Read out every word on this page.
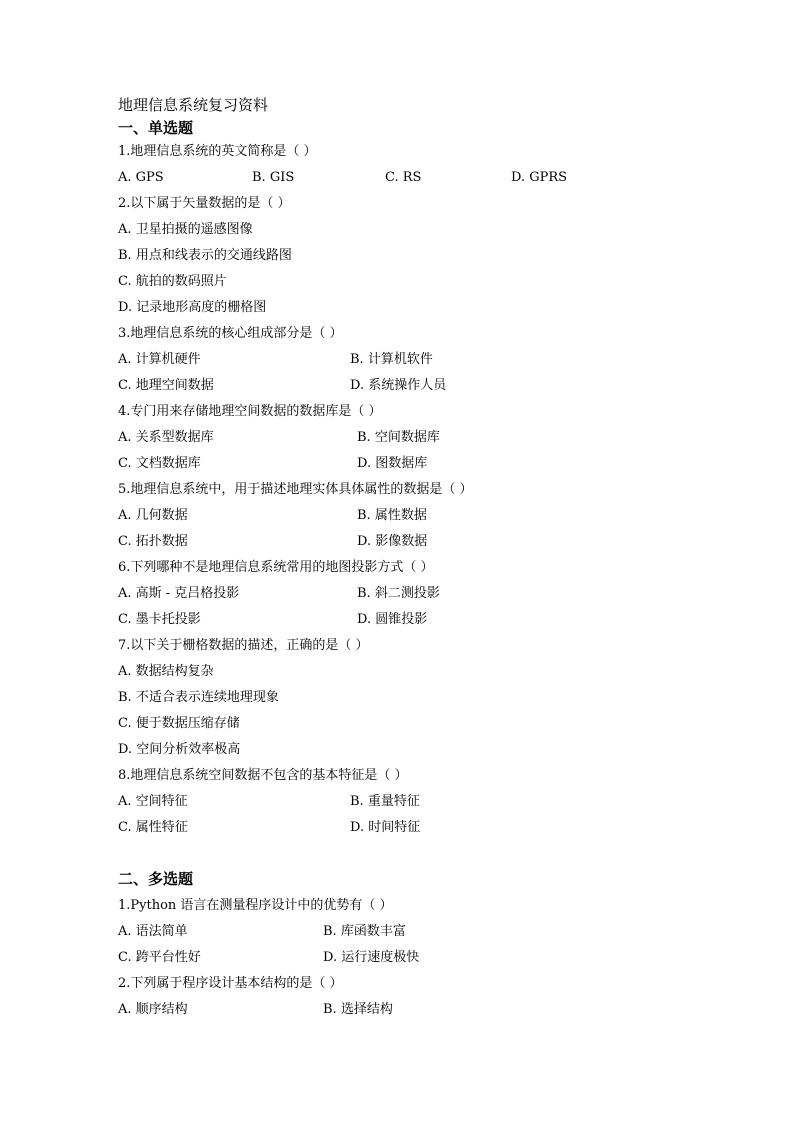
地理信息系统复习资料
一、单选题
1.地理信息系统的英文简称是（ ）
A. GPS	B. GIS	C. RS	D. GPRS
2.以下属于矢量数据的是（ ）
A. 卫星拍摄的遥感图像
B. 用点和线表示的交通线路图
C. 航拍的数码照片
D. 记录地形高度的栅格图
3.地理信息系统的核心组成部分是（ ）
A. 计算机硬件	B. 计算机软件
C. 地理空间数据	D. 系统操作人员
4.专门用来存储地理空间数据的数据库是（ ）
A. 关系型数据库	B. 空间数据库
C. 文档数据库	D. 图数据库
5.地理信息系统中，用于描述地理实体具体属性的数据是（ ）
A. 几何数据	B. 属性数据
C. 拓扑数据	D. 影像数据
6.下列哪种不是地理信息系统常用的地图投影方式（ ）
A. 高斯 - 克吕格投影	B. 斜二测投影
C. 墨卡托投影	D. 圆锥投影
7.以下关于栅格数据的描述，正确的是（ ）
A. 数据结构复杂
B. 不适合表示连续地理现象
C. 便于数据压缩存储
D. 空间分析效率极高
8.地理信息系统空间数据不包含的基本特征是（ ）
A. 空间特征	B. 重量特征
C. 属性特征	D. 时间特征
二、多选题
1.Python 语言在测量程序设计中的优势有（ ）
A. 语法简单	B. 库函数丰富
C. 跨平台性好	D. 运行速度极快
2.下列属于程序设计基本结构的是（ ）
A. 顺序结构	B. 选择结构
